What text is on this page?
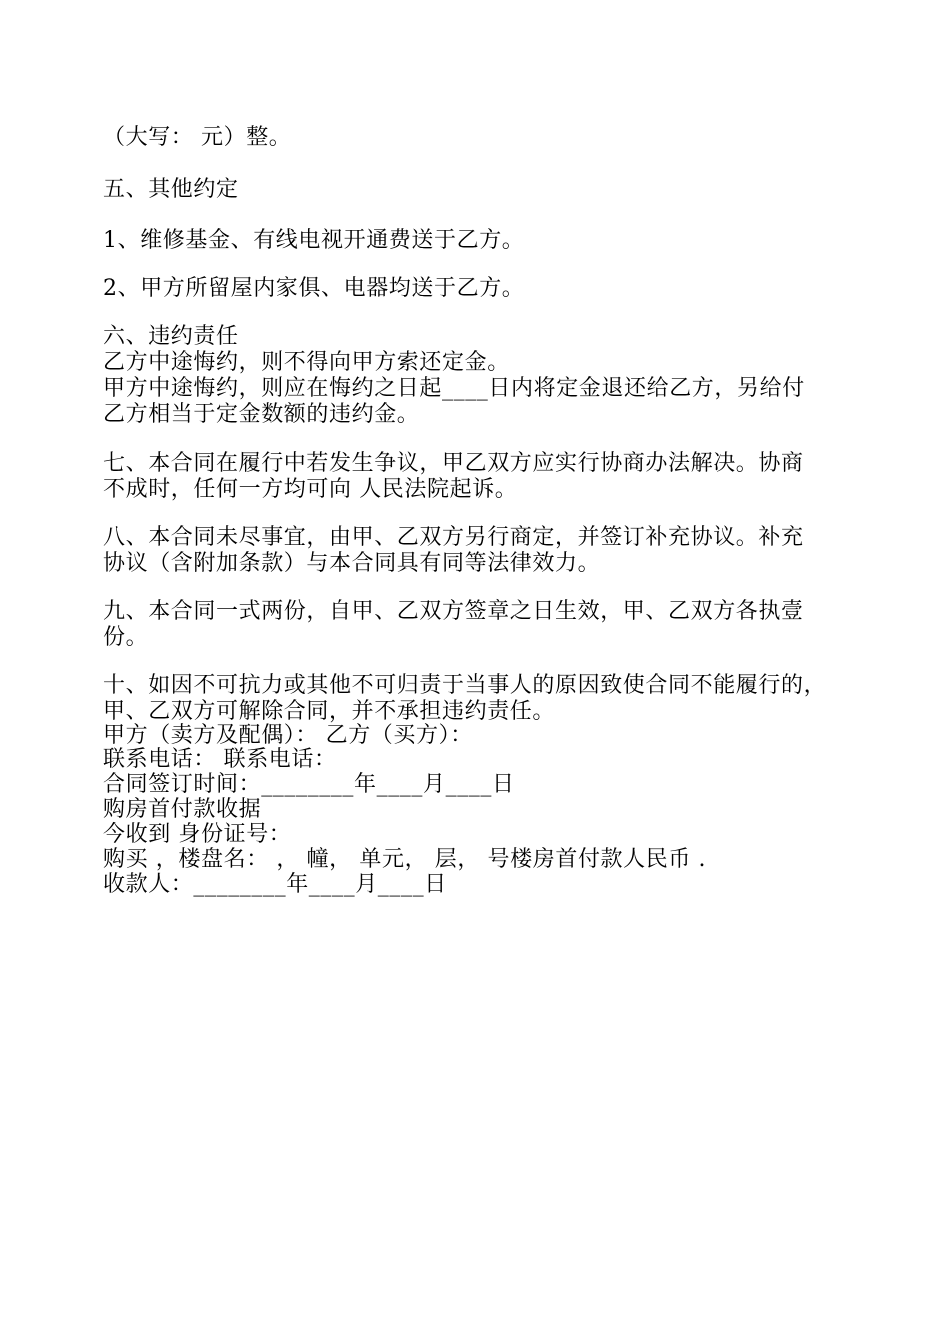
（大写： 元）整。
五、其他约定
1、维修基金、有线电视开通费送于乙方。
2、甲方所留屋内家俱、电器均送于乙方。
六、违约责任
乙方中途悔约，则不得向甲方索还定金。
甲方中途悔约，则应在悔约之日起____日内将定金退还给乙方，另给付
乙方相当于定金数额的违约金。
七、本合同在履行中若发生争议，甲乙双方应实行协商办法解决。协商
不成时，任何一方均可向 人民法院起诉。
八、本合同未尽事宜，由甲、乙双方另行商定，并签订补充协议。补充
协议（含附加条款）与本合同具有同等法律效力。
九、本合同一式两份，自甲、乙双方签章之日生效，甲、乙双方各执壹
份。
十、如因不可抗力或其他不可归责于当事人的原因致使合同不能履行的，
甲、乙双方可解除合同，并不承担违约责任。
甲方（卖方及配偶）： 乙方（买方）：
联系电话： 联系电话：
合同签订时间：________年____月____日
购房首付款收据
今收到 身份证号：
购买 ，楼盘名： ， 幢， 单元， 层， 号楼房首付款人民币 .
收款人：________年____月____日
